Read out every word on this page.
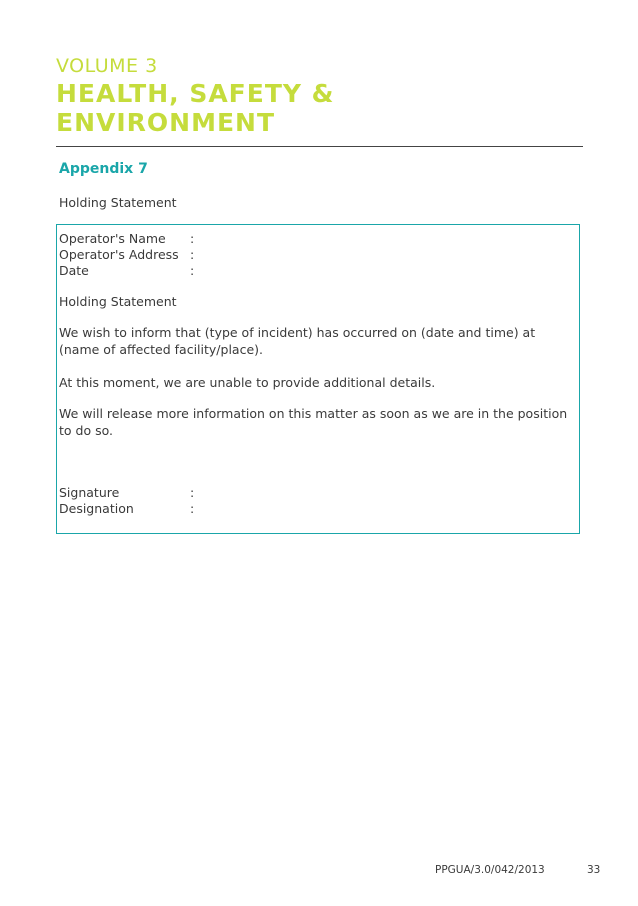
VOLUME 3
HEALTH, SAFETY &
ENVIRONMENT
Appendix 7
Holding Statement
Operator's Name :
Operator's Address :
Date	:
Holding Statement

We wish to inform that (type of incident) has occurred on (date and time) at (name of affected facility/place).

At this moment, we are unable to provide additional details.

We will release more information on this matter as soon as we are in the position to do so.

Signature	:
Designation	:
PPGUA/3.0/042/2013	33
